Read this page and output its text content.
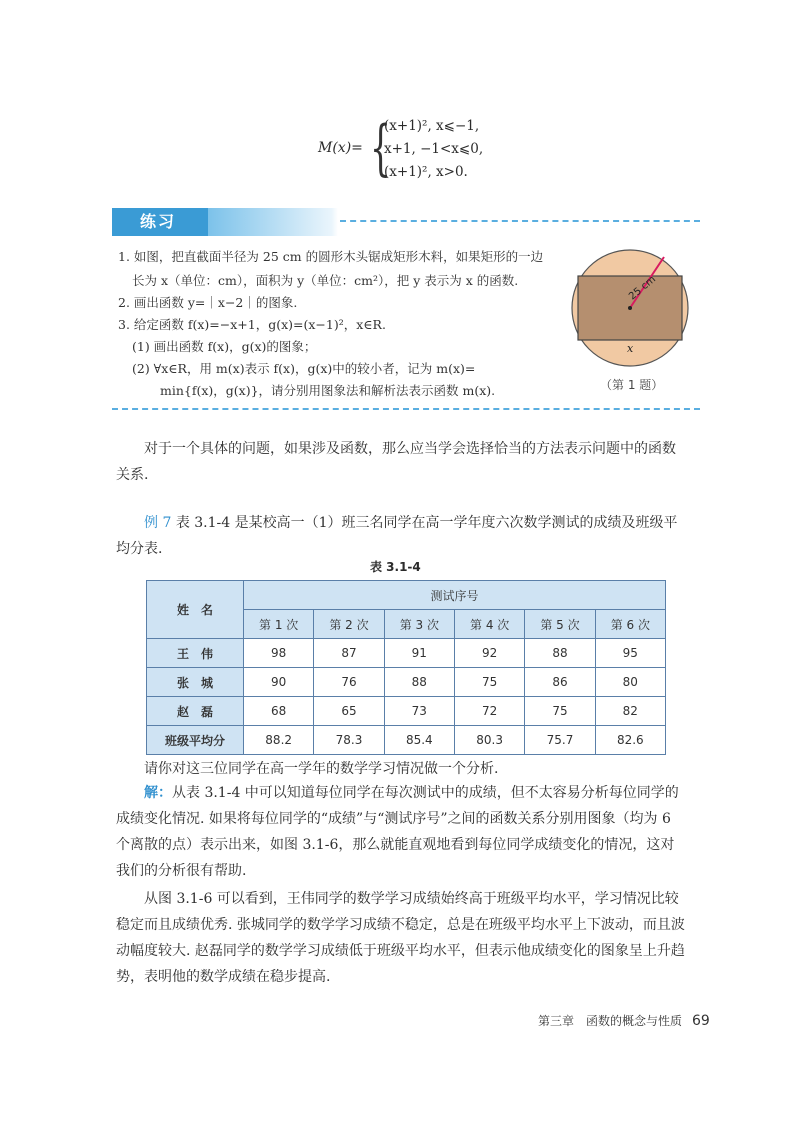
M(x)= {
(x+1)², x⩽−1,
x+1, −1<x⩽0,
(x+1)², x>0.
练习
1. 如图，把直截面半径为 25 cm 的圆形木头锯成矩形木料，如果矩形的一边
长为 x（单位：cm），面积为 y（单位：cm²），把 y 表示为 x 的函数.
2. 画出函数 y=｜x−2｜的图象.
3. 给定函数 f(x)=−x+1，g(x)=(x−1)²，x∈R.
(1) 画出函数 f(x)，g(x)的图象；
(2) ∀x∈R，用 m(x)表示 f(x)，g(x)中的较小者，记为 m(x)=
min{f(x)，g(x)}，请分别用图象法和解析法表示函数 m(x).
25 cm
x
（第 1 题）
对于一个具体的问题，如果涉及函数，那么应当学会选择恰当的方法表示问题中的函数关系.
例 7 表 3.1-4 是某校高一（1）班三名同学在高一学年度六次数学测试的成绩及班级平均分表.
表 3.1-4
姓　名	测试序号					
	第 1 次	第 2 次	第 3 次	第 4 次	第 5 次	第 6 次
王　伟	98	87	91	92	88	95
张　城	90	76	88	75	86	80
赵　磊	68	65	73	72	75	82
班级平均分	88.2	78.3	85.4	80.3	75.7	82.6
请你对这三位同学在高一学年的数学学习情况做一个分析.
解：从表 3.1-4 中可以知道每位同学在每次测试中的成绩，但不太容易分析每位同学的成绩变化情况. 如果将每位同学的“成绩”与“测试序号”之间的函数关系分别用图象（均为 6 个离散的点）表示出来，如图 3.1-6，那么就能直观地看到每位同学成绩变化的情况，这对我们的分析很有帮助.
从图 3.1-6 可以看到，王伟同学的数学学习成绩始终高于班级平均水平，学习情况比较稳定而且成绩优秀. 张城同学的数学学习成绩不稳定，总是在班级平均水平上下波动，而且波动幅度较大. 赵磊同学的数学学习成绩低于班级平均水平，但表示他成绩变化的图象呈上升趋势，表明他的数学成绩在稳步提高.
第三章　函数的概念与性质 69
